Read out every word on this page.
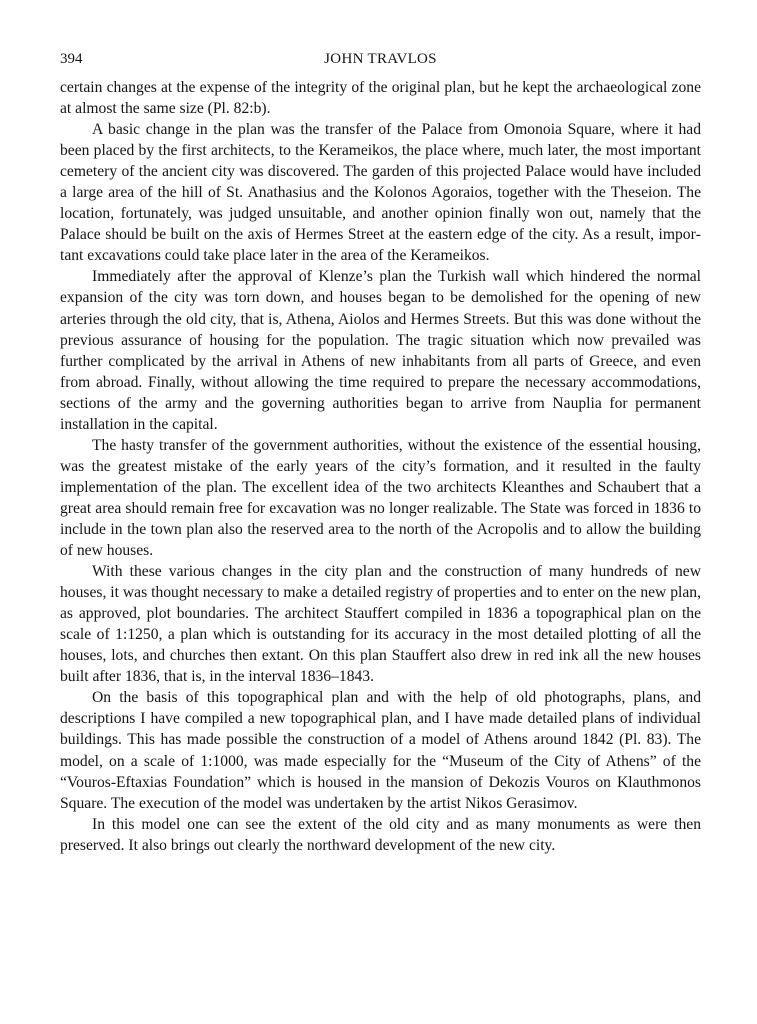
394	JOHN TRAVLOS

certain changes at the expense of the integrity of the original plan, but he kept the archaeological zone at almost the same size (Pl. 82:b).

A basic change in the plan was the transfer of the Palace from Omonoia Square, where it had been placed by the first architects, to the Kerameikos, the place where, much later, the most important cemetery of the ancient city was discovered. The garden of this projected Palace would have included a large area of the hill of St. Anathasius and the Kolonos Agoraios, together with the Theseion. The location, fortunately, was judged unsuitable, and another opinion finally won out, namely that the Palace should be built on the axis of Hermes Street at the eastern edge of the city. As a result, important excavations could take place later in the area of the Kerameikos.

Immediately after the approval of Klenze’s plan the Turkish wall which hindered the normal expansion of the city was torn down, and houses began to be demolished for the opening of new arteries through the old city, that is, Athena, Aiolos and Hermes Streets. But this was done without the previous assurance of housing for the population. The tragic situation which now prevailed was further complicated by the arrival in Athens of new inhabitants from all parts of Greece, and even from abroad. Finally, without allowing the time required to prepare the necessary accommodations, sections of the army and the governing authorities began to arrive from Nauplia for permanent installation in the capital.

The hasty transfer of the government authorities, without the existence of the essential housing, was the greatest mistake of the early years of the city’s formation, and it resulted in the faulty implementation of the plan. The excellent idea of the two architects Kleanthes and Schaubert that a great area should remain free for excavation was no longer realizable. The State was forced in 1836 to include in the town plan also the reserved area to the north of the Acropolis and to allow the building of new houses.

With these various changes in the city plan and the construction of many hundreds of new houses, it was thought necessary to make a detailed registry of properties and to enter on the new plan, as approved, plot boundaries. The architect Stauffert compiled in 1836 a topographical plan on the scale of 1:1250, a plan which is outstanding for its accuracy in the most detailed plotting of all the houses, lots, and churches then extant. On this plan Stauffert also drew in red ink all the new houses built after 1836, that is, in the interval 1836–1843.

On the basis of this topographical plan and with the help of old photographs, plans, and descriptions I have compiled a new topographical plan, and I have made detailed plans of individual buildings. This has made possible the construction of a model of Athens around 1842 (Pl. 83). The model, on a scale of 1:1000, was made especially for the “Museum of the City of Athens” of the “Vouros-Eftaxias Foundation” which is housed in the mansion of Dekozis Vouros on Klauthmonos Square. The execution of the model was undertaken by the artist Nikos Gerasimov.

In this model one can see the extent of the old city and as many monuments as were then preserved. It also brings out clearly the northward development of the new city.
